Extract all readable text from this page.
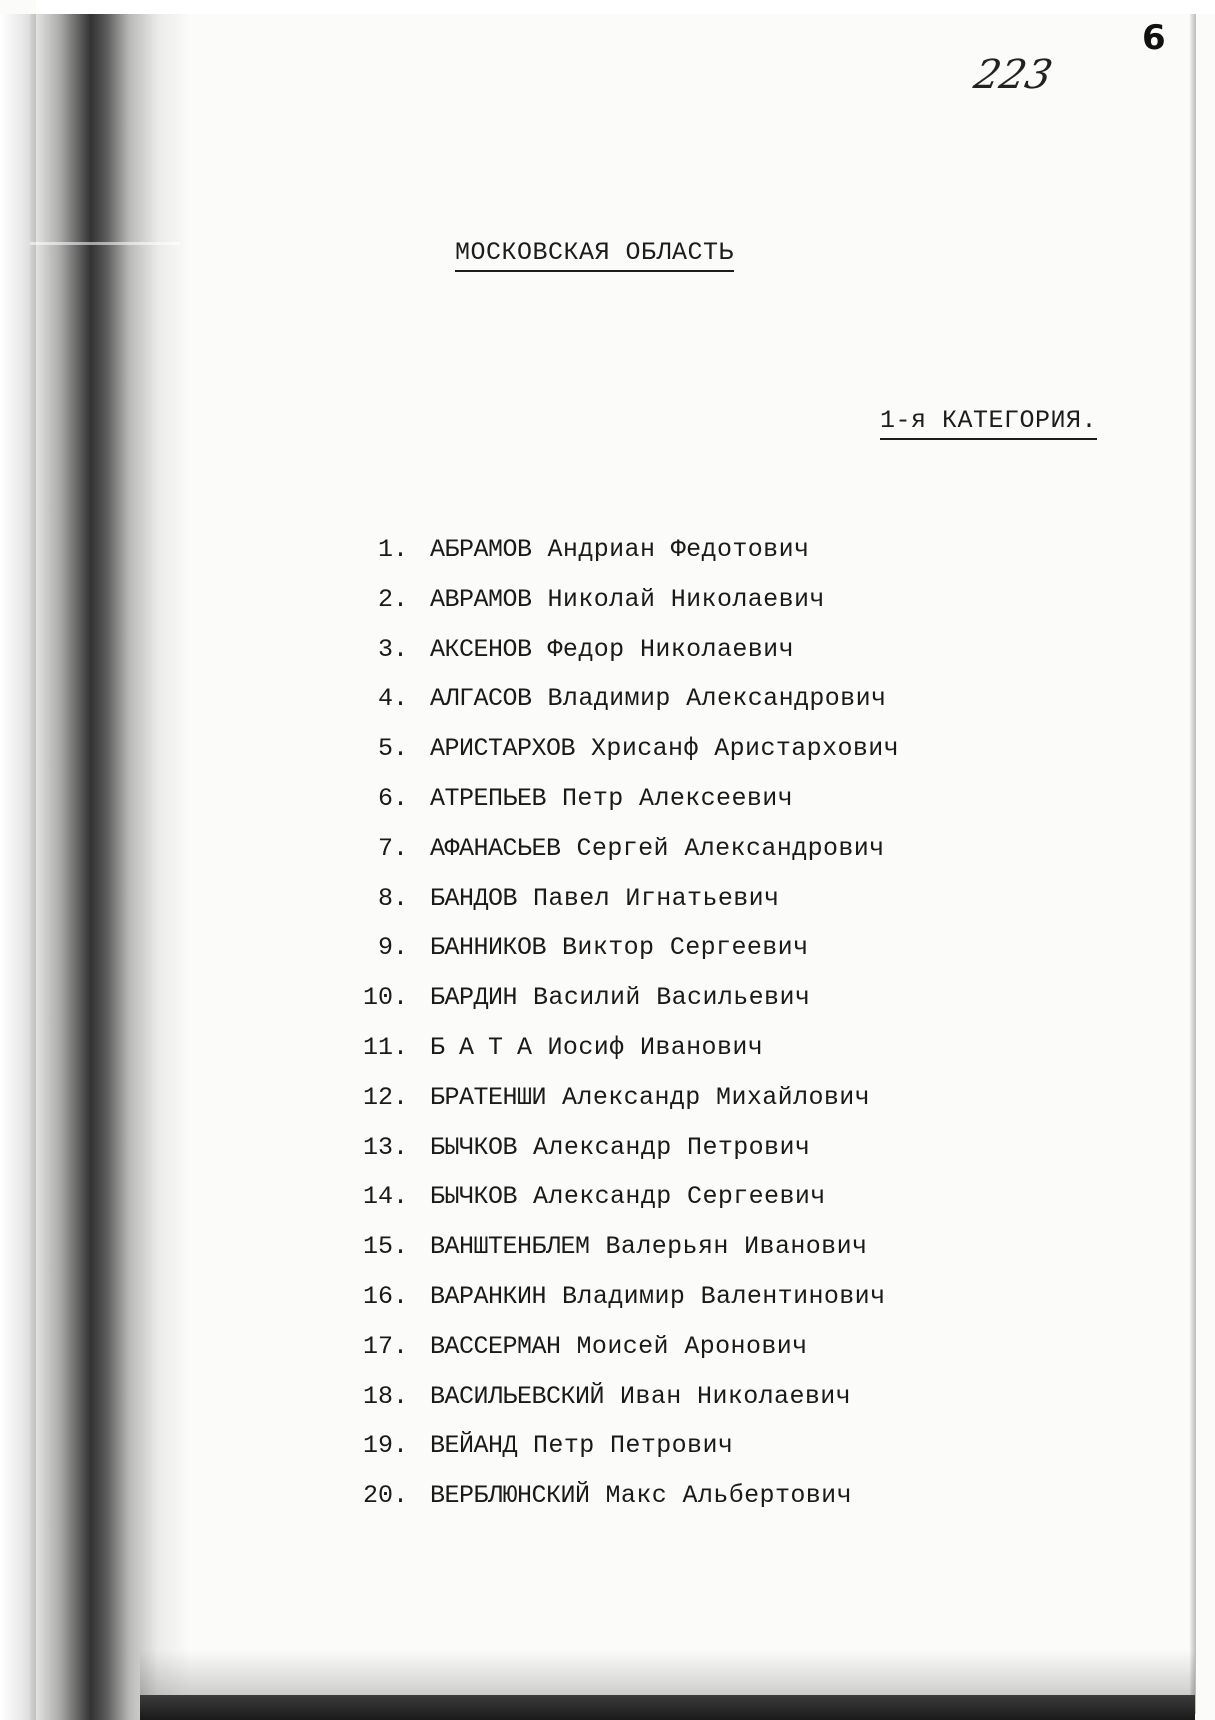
6
223
МОСКОВСКАЯ ОБЛАСТЬ
1-я КАТЕГОРИЯ.
1. АБРАМОВ Андриан Федотович
2. АВРАМОВ Николай Николаевич
3. АКСЕНОВ Федор Николаевич
4. АЛГАСОВ Владимир Александрович
5. АРИСТАРХОВ Хрисанф Аристархович
6. АТРЕПЬЕВ Петр Алексеевич
7. АФАНАСЬЕВ Сергей Александрович
8. БАНДОВ Павел Игнатьевич
9. БАННИКОВ Виктор Сергеевич
10. БАРДИН Василий Васильевич
11. Б А Т А Иосиф Иванович
12. БРАТЕНШИ Александр Михайлович
13. БЫЧКОВ Александр Петрович
14. БЫЧКОВ Александр Сергеевич
15. ВАНШТЕНБЛЕМ Валерьян Иванович
16. ВАРАНКИН Владимир Валентинович
17. ВАССЕРМАН Моисей Аронович
18. ВАСИЛЬЕВСКИЙ Иван Николаевич
19. ВЕЙАНД Петр Петрович
20. ВЕРБЛЮНСКИЙ Макс Альбертович
